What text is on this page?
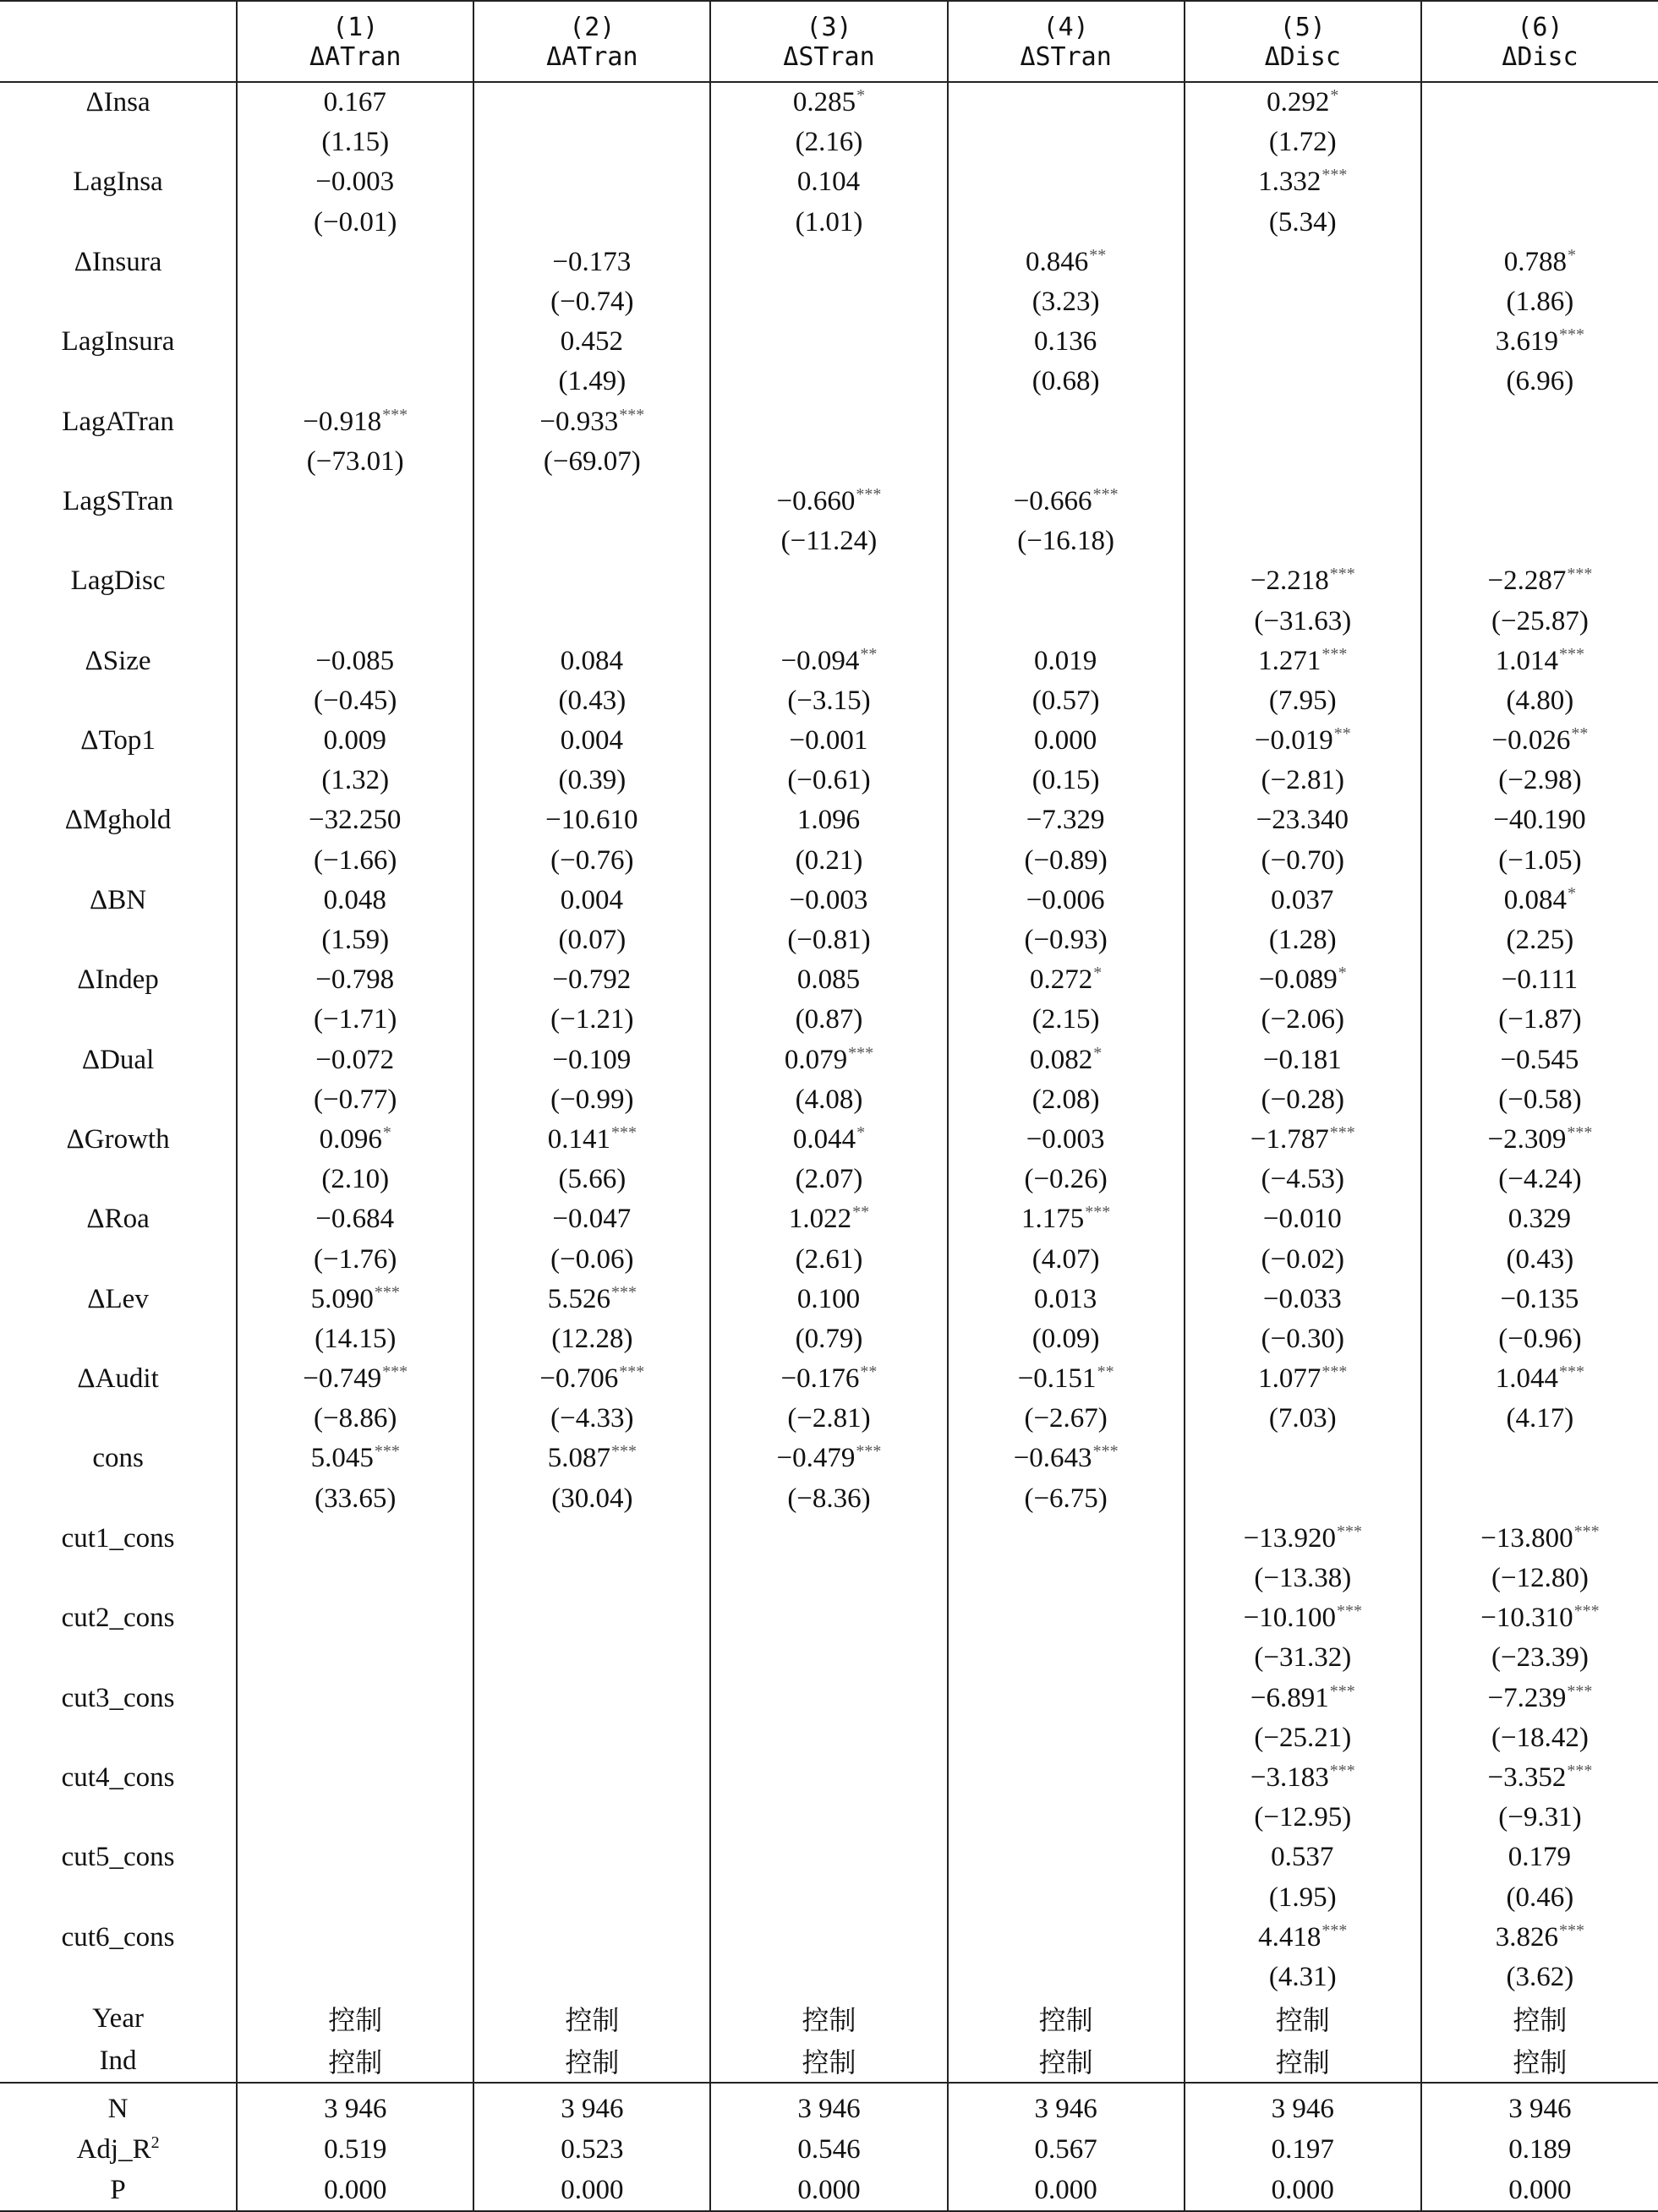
	(1)	(2)	(3)	(4)	(5)	(6)
	ΔATran	ΔATran	ΔSTran	ΔSTran	ΔDisc	ΔDisc
ΔInsa	0.167		0.285*		0.292*	
	(1.15)		(2.16)		(1.72)	
LagInsa	−0.003		0.104		1.332***	
	(−0.01)		(1.01)		(5.34)	
ΔInsura		−0.173		0.846**		0.788*
		(−0.74)		(3.23)		(1.86)
LagInsura		0.452		0.136		3.619***
		(1.49)		(0.68)		(6.96)
LagATran	−0.918***	−0.933***				
	(−73.01)	(−69.07)				
LagSTran			−0.660***	−0.666***		
			(−11.24)	(−16.18)		
LagDisc					−2.218***	−2.287***
					(−31.63)	(−25.87)
ΔSize	−0.085	0.084	−0.094**	0.019	1.271***	1.014***
	(−0.45)	(0.43)	(−3.15)	(0.57)	(7.95)	(4.80)
ΔTop1	0.009	0.004	−0.001	0.000	−0.019**	−0.026**
	(1.32)	(0.39)	(−0.61)	(0.15)	(−2.81)	(−2.98)
ΔMghold	−32.250	−10.610	1.096	−7.329	−23.340	−40.190
	(−1.66)	(−0.76)	(0.21)	(−0.89)	(−0.70)	(−1.05)
ΔBN	0.048	0.004	−0.003	−0.006	0.037	0.084*
	(1.59)	(0.07)	(−0.81)	(−0.93)	(1.28)	(2.25)
ΔIndep	−0.798	−0.792	0.085	0.272*	−0.089*	−0.111
	(−1.71)	(−1.21)	(0.87)	(2.15)	(−2.06)	(−1.87)
ΔDual	−0.072	−0.109	0.079***	0.082*	−0.181	−0.545
	(−0.77)	(−0.99)	(4.08)	(2.08)	(−0.28)	(−0.58)
ΔGrowth	0.096*	0.141***	0.044*	−0.003	−1.787***	−2.309***
	(2.10)	(5.66)	(2.07)	(−0.26)	(−4.53)	(−4.24)
ΔRoa	−0.684	−0.047	1.022**	1.175***	−0.010	0.329
	(−1.76)	(−0.06)	(2.61)	(4.07)	(−0.02)	(0.43)
ΔLev	5.090***	5.526***	0.100	0.013	−0.033	−0.135
	(14.15)	(12.28)	(0.79)	(0.09)	(−0.30)	(−0.96)
ΔAudit	−0.749***	−0.706***	−0.176**	−0.151**	1.077***	1.044***
	(−8.86)	(−4.33)	(−2.81)	(−2.67)	(7.03)	(4.17)
cons	5.045***	5.087***	−0.479***	−0.643***		
	(33.65)	(30.04)	(−8.36)	(−6.75)		
cut1_cons					−13.920***	−13.800***
					(−13.38)	(−12.80)
cut2_cons					−10.100***	−10.310***
					(−31.32)	(−23.39)
cut3_cons					−6.891***	−7.239***
					(−25.21)	(−18.42)
cut4_cons					−3.183***	−3.352***
					(−12.95)	(−9.31)
cut5_cons					0.537	0.179
					(1.95)	(0.46)
cut6_cons					4.418***	3.826***
					(4.31)	(3.62)
Year	控制	控制	控制	控制	控制	控制
Ind	控制	控制	控制	控制	控制	控制
N	3 946	3 946	3 946	3 946	3 946	3 946
$Adj\_R^2$	0.519	0.523	0.546	0.567	0.197	0.189
P	0.000	0.000	0.000	0.000	0.000	0.000
